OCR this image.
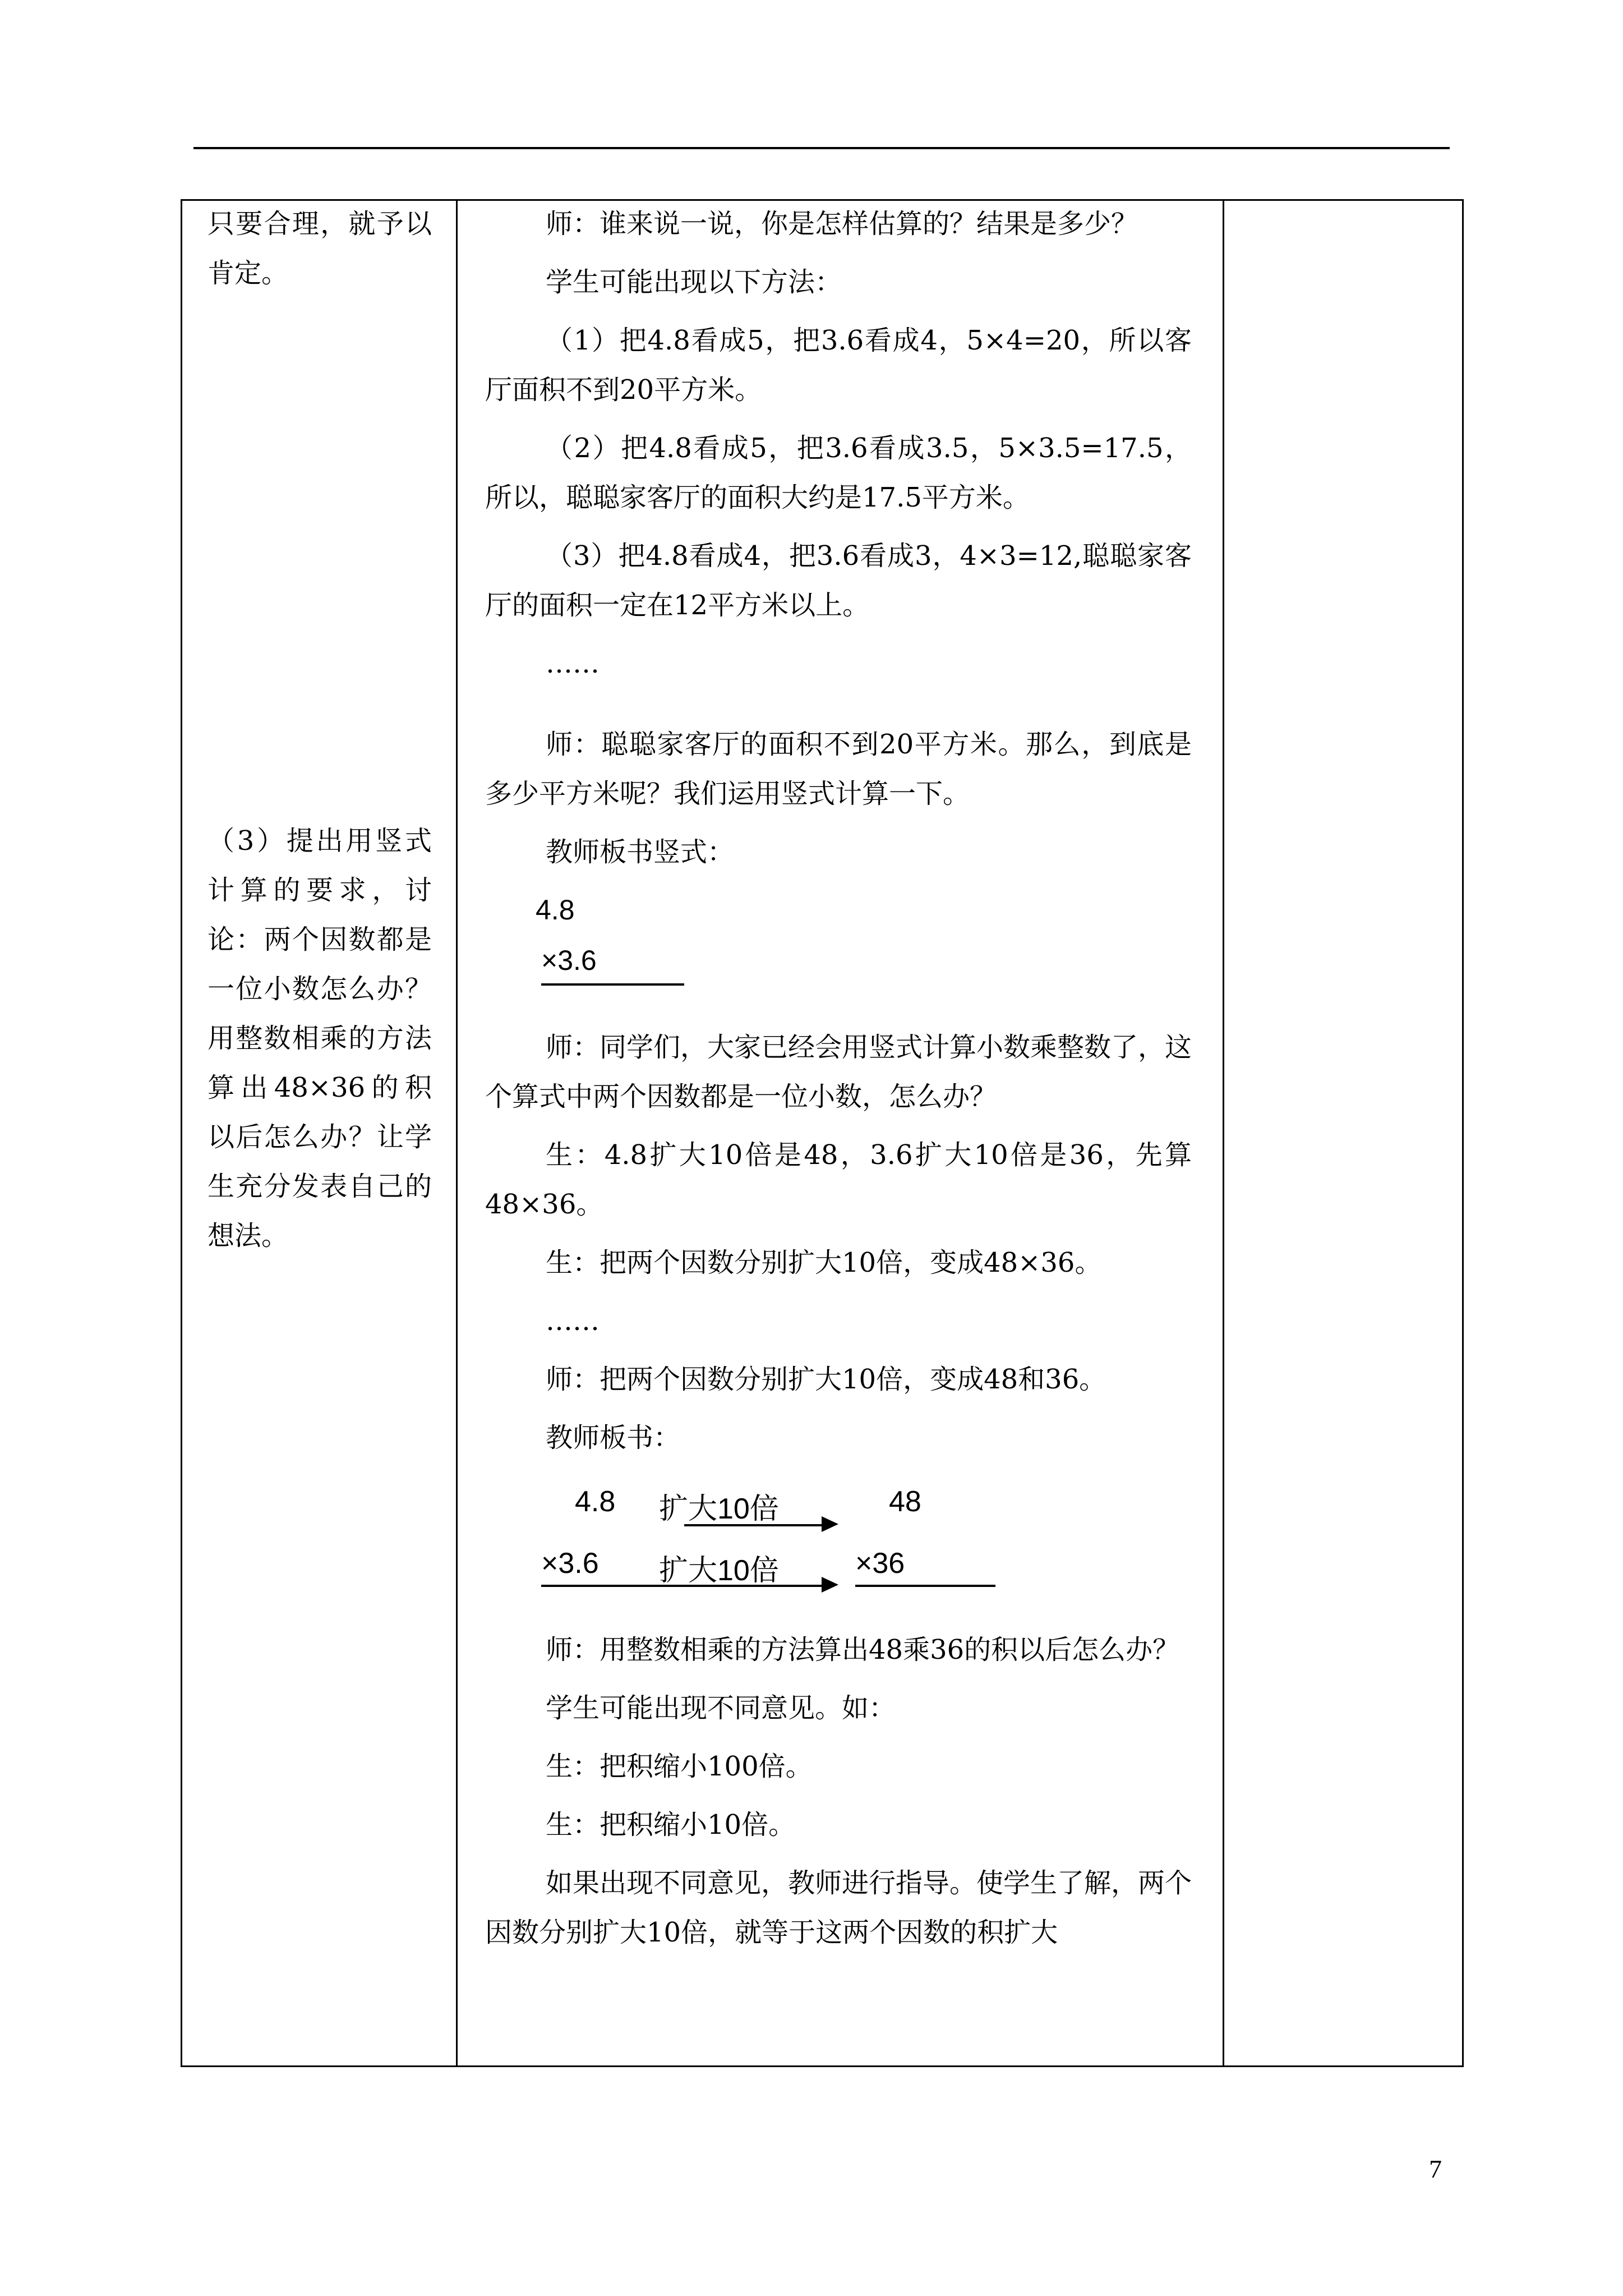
只要合理，就予以肯定。

（3）提出用竖式计算的要求，讨论：两个因数都是一位小数怎么办？用整数相乘的方法算出48×36的积以后怎么办？让学生充分发表自己的想法。

师：谁来说一说，你是怎样估算的？结果是多少？

学生可能出现以下方法：

（1）把4.8看成5，把3.6看成4，5×4=20，所以客厅面积不到20平方米。

（2）把4.8看成5，把3.6看成3.5，5×3.5=17.5，所以，聪聪家客厅的面积大约是17.5平方米。

（3）把4.8看成4，把3.6看成3，4×3=12,聪聪家客厅的面积一定在12平方米以上。

……

师：聪聪家客厅的面积不到20平方米。那么，到底是多少平方米呢？我们运用竖式计算一下。

教师板书竖式：

4.8
×3.6

师：同学们，大家已经会用竖式计算小数乘整数了，这个算式中两个因数都是一位小数，怎么办？

生：4.8扩大10倍是48，3.6扩大10倍是36，先算48×36。

生：把两个因数分别扩大10倍，变成48×36。

……

师：把两个因数分别扩大10倍，变成48和36。

教师板书：

4.8 扩大10倍	48
×3.6 扩大10倍	×36

师：用整数相乘的方法算出48乘36的积以后怎么办？

学生可能出现不同意见。如：

生：把积缩小100倍。

生：把积缩小10倍。

如果出现不同意见，教师进行指导。使学生了解，两个因数分别扩大10倍，就等于这两个因数的积扩大

7
